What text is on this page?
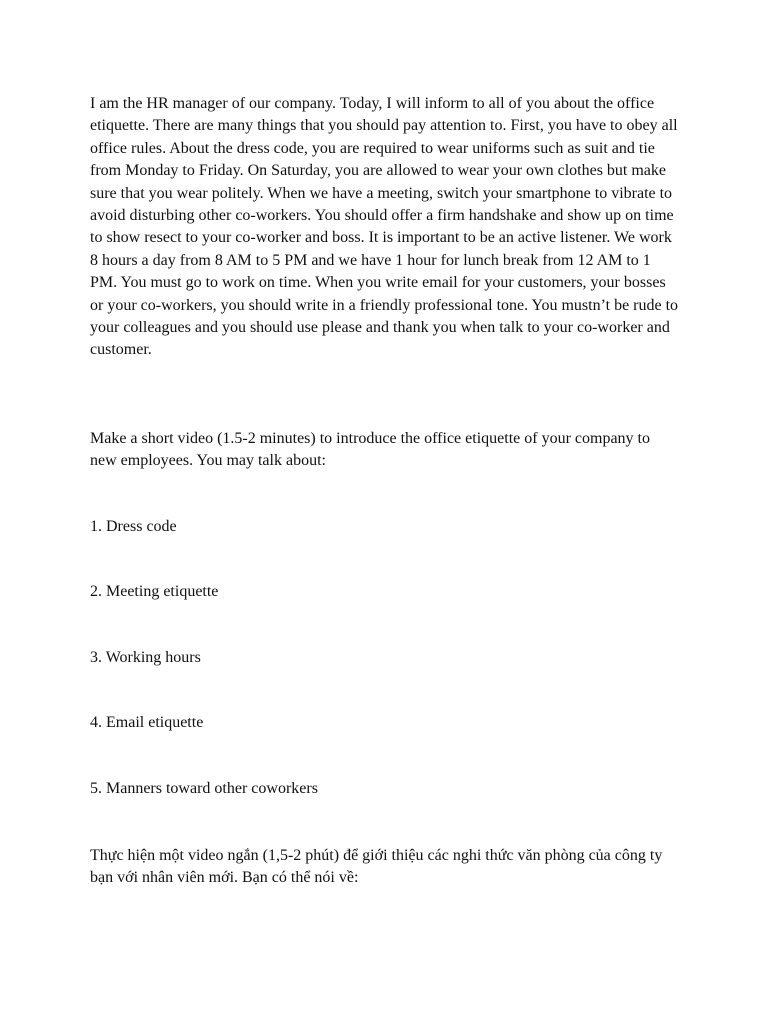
I am the HR manager of our company. Today, I will inform to all of you about the office etiquette. There are many things that you should pay attention to. First, you have to obey all office rules. About the dress code, you are required to wear uniforms such as suit and tie from Monday to Friday. On Saturday, you are allowed to wear your own clothes but make sure that you wear politely. When we have a meeting, switch your smartphone to vibrate to avoid disturbing other co-workers. You should offer a firm handshake and show up on time to show resect to your co-worker and boss. It is important to be an active listener. We work 8 hours a day from 8 AM to 5 PM and we have 1 hour for lunch break from 12 AM to 1 PM. You must go to work on time. When you write email for your customers, your bosses or your co-workers, you should write in a friendly professional tone. You mustn’t be rude to your colleagues and you should use please and thank you when talk to your co-worker and customer.

Make a short video (1.5-2 minutes) to introduce the office etiquette of your company to new employees. You may talk about:

1. Dress code

2. Meeting etiquette

3. Working hours

4. Email etiquette

5. Manners toward other coworkers

Thực hiện một video ngắn (1,5-2 phút) để giới thiệu các nghi thức văn phòng của công ty bạn với nhân viên mới. Bạn có thể nói về:
